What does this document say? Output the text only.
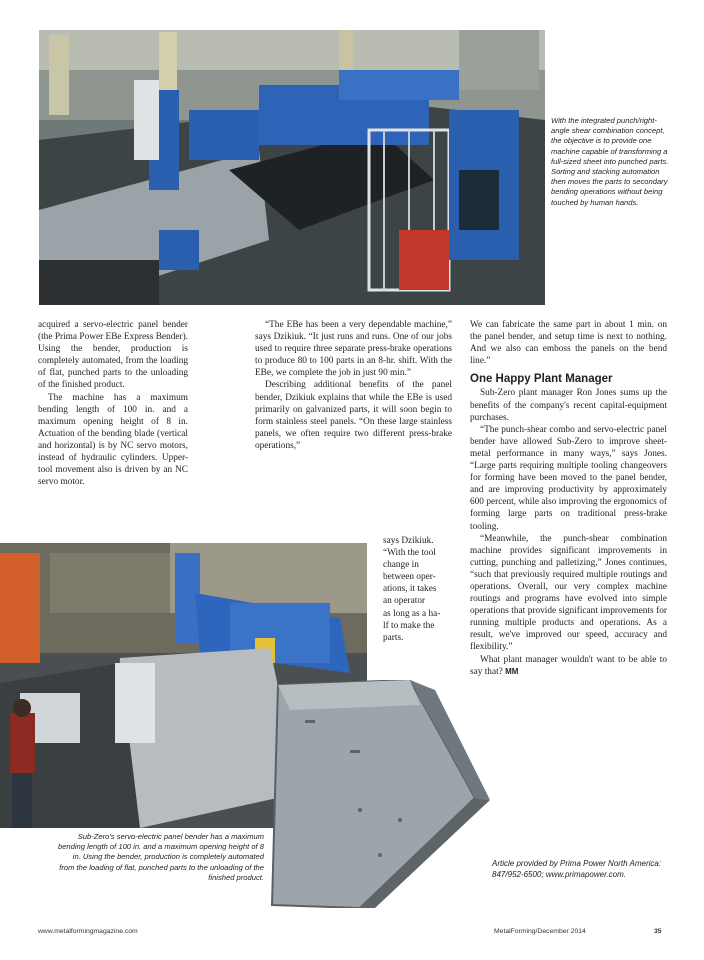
With the integrated punch/right-angle shear combination concept, the objective is to provide one machine capable of transforming a full-sized sheet into punched parts. Sorting and stacking automation then moves the parts to secondary bending operations without being touched by human hands.

acquired a servo-electric panel bender (the Prima Power EBe Express Bender). Using the bender, production is completely automated, from the loading of flat, punched parts to the unloading of the finished product.

The machine has a maximum bending length of 100 in. and a maximum opening height of 8 in. Actuation of the bending blade (vertical and horizontal) is by NC servo motors, instead of hydraulic cylinders. Upper-tool movement also is driven by an NC servo motor.

“The EBe has been a very dependable machine,” says Dzikiuk. “It just runs and runs. One of our jobs used to require three separate press-brake operations to produce 80 to 100 parts in an 8-hr. shift. With the EBe, we complete the job in just 90 min.”

Describing additional benefits of the panel bender, Dzikiuk explains that while the EBe is used primarily on galvanized parts, it will soon begin to form stainless steel panels. “On these large stainless panels, we often require two different press-brake operations,”

says Dzikiuk.
“With the tool
change in
between oper-
ations, it takes
an operator
as long as a ha-
lf to make the parts.

We can fabricate the same part in about 1 min. on the panel bender, and setup time is next to nothing. And we also can emboss the panels on the bend line.”

One Happy Plant Manager

Sub-Zero plant manager Ron Jones sums up the benefits of the company's recent capital-equipment purchases.

“The punch-shear combo and servo-electric panel bender have allowed Sub-Zero to improve sheet-metal performance in many ways,” says Jones. “Large parts requiring multiple tooling changeovers for forming have been moved to the panel bender, and are improving productivity by approximately 600 percent, while also improving the ergonomics of forming large parts on traditional press-brake tooling.

“Meanwhile, the punch-shear combination machine provides significant improvements in cutting, punching and palletizing,” Jones continues, “such that previously required multiple routings and operations. Overall, our very complex machine routings and programs have evolved into simple operations that provide significant improvements for running multiple products and operations. As a result, we've improved our speed, accuracy and flexibility.”

What plant manager wouldn't want to be able to say that? MM

Article provided by Prima Power North America: 847/952-6500; www.primapower.com.
Sub-Zero's servo-electric panel bender has a maximum bending length of 100 in. and a maximum opening height of 8 in. Using the bender, production is completely automated from the loading of flat, punched parts to the unloading of the finished product.
www.metalformingmagazine.com	MetalForming/December 2014	35
